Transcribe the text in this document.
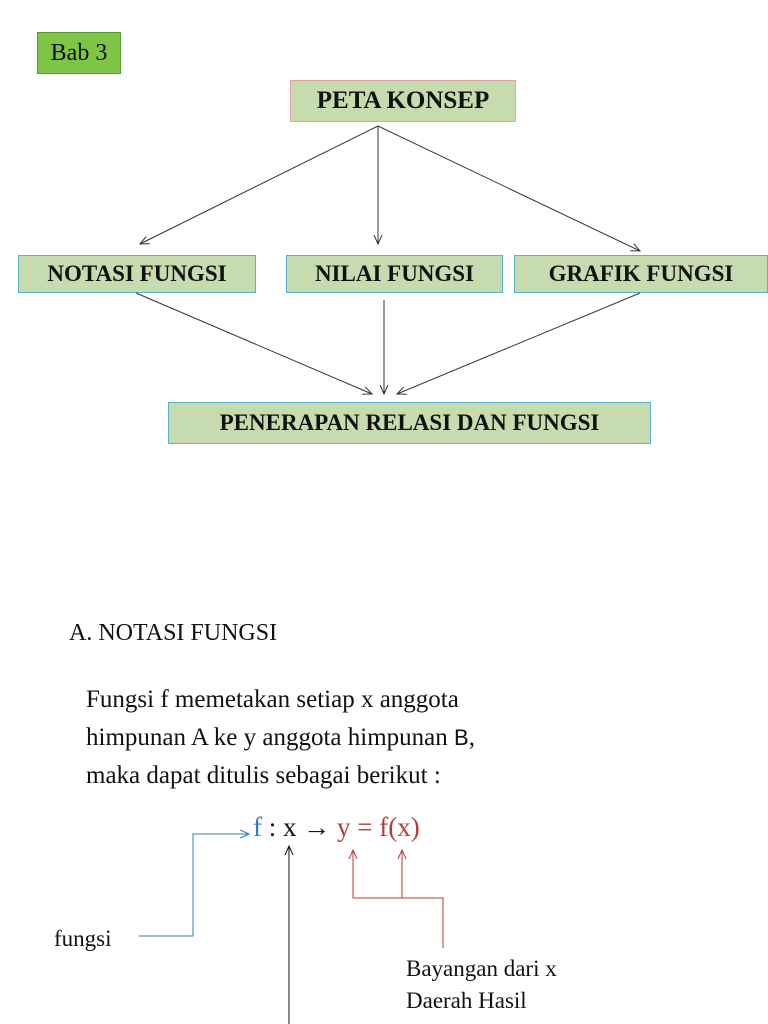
Bab 3
PETA KONSEP
NOTASI FUNGSI	NILAI FUNGSI	GRAFIK FUNGSI
PENERAPAN RELASI DAN FUNGSI
A. NOTASI FUNGSI
Fungsi f memetakan setiap x anggota
himpunan A ke y anggota himpunan B,
maka dapat ditulis sebagai berikut :
f : x → y = f(x)
fungsi
Bayangan dari x
Daerah Hasil
